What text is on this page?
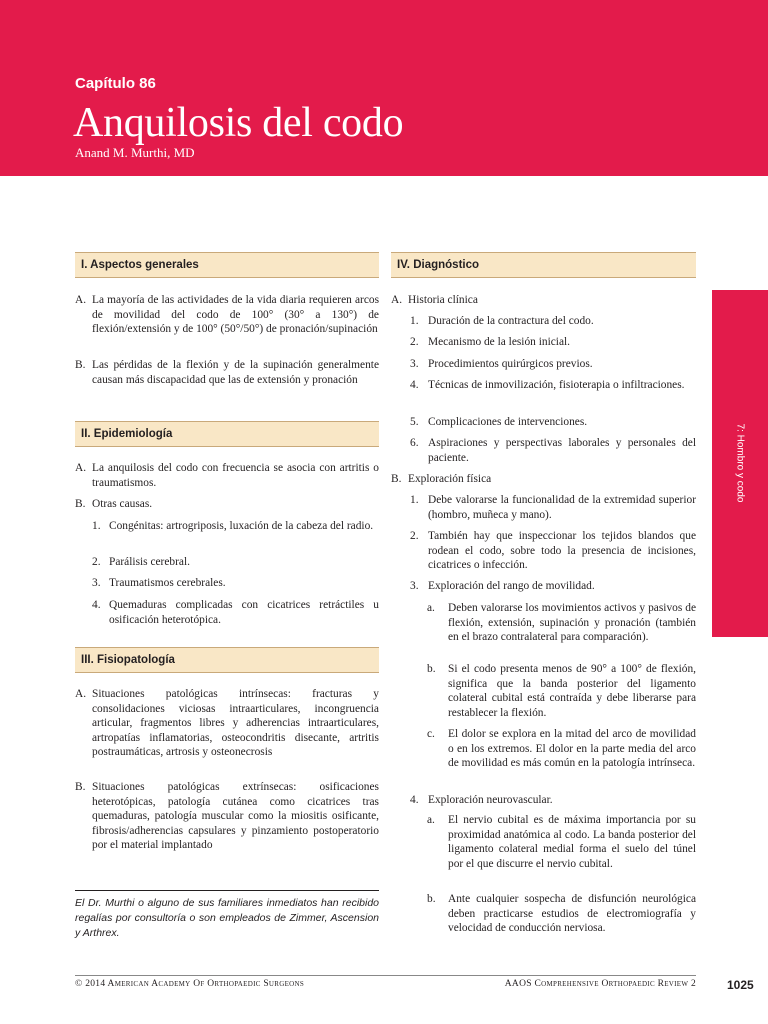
Capítulo 86
Anquilosis del codo
Anand M. Murthi, MD
7: Hombro y codo
I. Aspectos generales
A. La mayoría de las actividades de la vida diaria requieren arcos de movilidad del codo de 100° (30° a 130°) de flexión/extensión y de 100° (50°/50°) de pronación/supinación
B. Las pérdidas de la flexión y de la supinación generalmente causan más discapacidad que las de extensión y pronación
II. Epidemiología
A. La anquilosis del codo con frecuencia se asocia con artritis o traumatismos.
B. Otras causas.
1. Congénitas: artrogriposis, luxación de la cabeza del radio.
2. Parálisis cerebral.
3. Traumatismos cerebrales.
4. Quemaduras complicadas con cicatrices retráctiles u osificación heterotópica.
III. Fisiopatología
A. Situaciones patológicas intrínsecas: fracturas y consolidaciones viciosas intraarticulares, incongruencia articular, fragmentos libres y adherencias intraarticulares, artropatías inflamatorias, osteocondritis disecante, artritis postraumáticas, artrosis y osteonecrosis
B. Situaciones patológicas extrínsecas: osificaciones heterotópicas, patología cutánea como cicatrices tras quemaduras, patología muscular como la miositis osificante, fibrosis/adherencias capsulares y pinzamiento postoperatorio por el material implantado
El Dr. Murthi o alguno de sus familiares inmediatos han recibido regalías por consultoría o son empleados de Zimmer, Ascension y Arthrex.
IV. Diagnóstico
A. Historia clínica
1. Duración de la contractura del codo.
2. Mecanismo de la lesión inicial.
3. Procedimientos quirúrgicos previos.
4. Técnicas de inmovilización, fisioterapia o infiltraciones.
5. Complicaciones de intervenciones.
6. Aspiraciones y perspectivas laborales y personales del paciente.
B. Exploración física
1. Debe valorarse la funcionalidad de la extremidad superior (hombro, muñeca y mano).
2. También hay que inspeccionar los tejidos blandos que rodean el codo, sobre todo la presencia de incisiones, cicatrices o infección.
3. Exploración del rango de movilidad.
a. Deben valorarse los movimientos activos y pasivos de flexión, extensión, supinación y pronación (también en el brazo contralateral para comparación).
b. Si el codo presenta menos de 90° a 100° de flexión, significa que la banda posterior del ligamento colateral cubital está contraída y debe liberarse para restablecer la flexión.
c. El dolor se explora en la mitad del arco de movilidad o en los extremos. El dolor en la parte media del arco de movilidad es más común en la patología intrínseca.
4. Exploración neurovascular.
a. El nervio cubital es de máxima importancia por su proximidad anatómica al codo. La banda posterior del ligamento colateral medial forma el suelo del túnel por el que discurre el nervio cubital.
b. Ante cualquier sospecha de disfunción neurológica deben practicarse estudios de electromiografía y velocidad de conducción nerviosa.
© 2014 American Academy Of Orthopaedic Surgeons	AAOS Comprehensive Orthopaedic Review 2	1025
